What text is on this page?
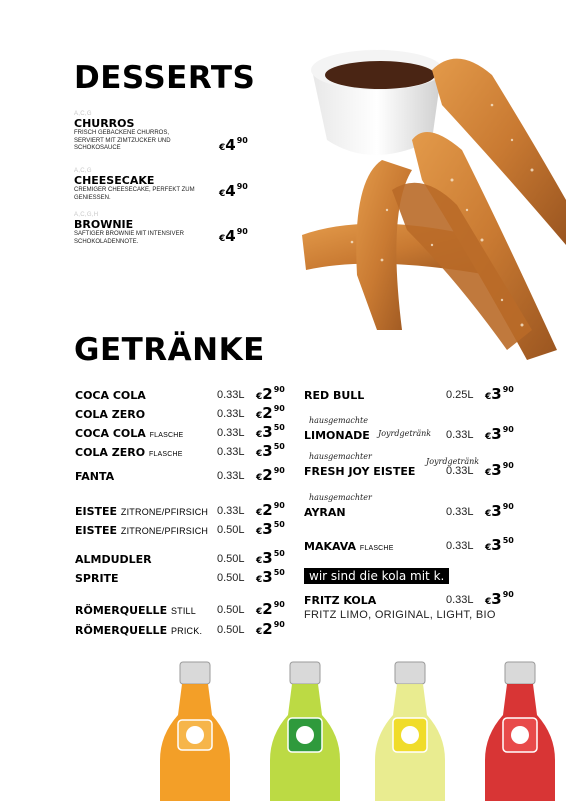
DESSERTS
A,C,G
CHURROS
FRISCH GEBACKENE CHURROS, SERVIERT MIT ZIMTZUCKER UND SCHOKOSAUCE	$€4^{90}$
A,C,G
CHEESECAKE
CREMIGER CHEESECAKE, PERFEKT ZUM GENIESSEN.	$€4^{90}$
A,C,G,H
BROWNIE
SAFTIGER BROWNIE MIT INTENSIVER SCHOKOLADENNOTE.	$€4^{90}$
GETRÄNKE
COCA COLA	0.33L $€2^{90}$
COLA ZERO	0.33L $€2^{90}$
COCA COLA FLASCHE	0.33L $€3^{50}$
COLA ZERO FLASCHE	0.33L $€3^{50}$
FANTA	0.33L $€2^{90}$
EISTEE ZITRONE/PFIRSICH 0.33L $€2^{90}$
EISTEE ZITRONE/PFIRSICH 0.50L $€3^{50}$
ALMDUDLER	0.50L $€3^{50}$
SPRITE	0.50L $€3^{50}$
RÖMERQUELLE STILL 0.50L $€2^{90}$
RÖMERQUELLE PRICK. 0.50L $€2^{90}$
RED BULL	0.25L $€3^{90}$
hausgemachte
LIMONADE Joyrdgetränk 0.33L $€3^{90}$
hausgemachter
FRESH JOY EISTEE
Joyrdgetränk
0.33L $€3^{90}$
hausgemachter
AYRAN	0.33L $€3^{90}$
MAKAVA FLASCHE	0.33L $€3^{50}$
wir sind die kola mit k.
FRITZ KOLA	0.33L $€3^{90}$
FRITZ LIMO, ORIGINAL, LIGHT, BIO
